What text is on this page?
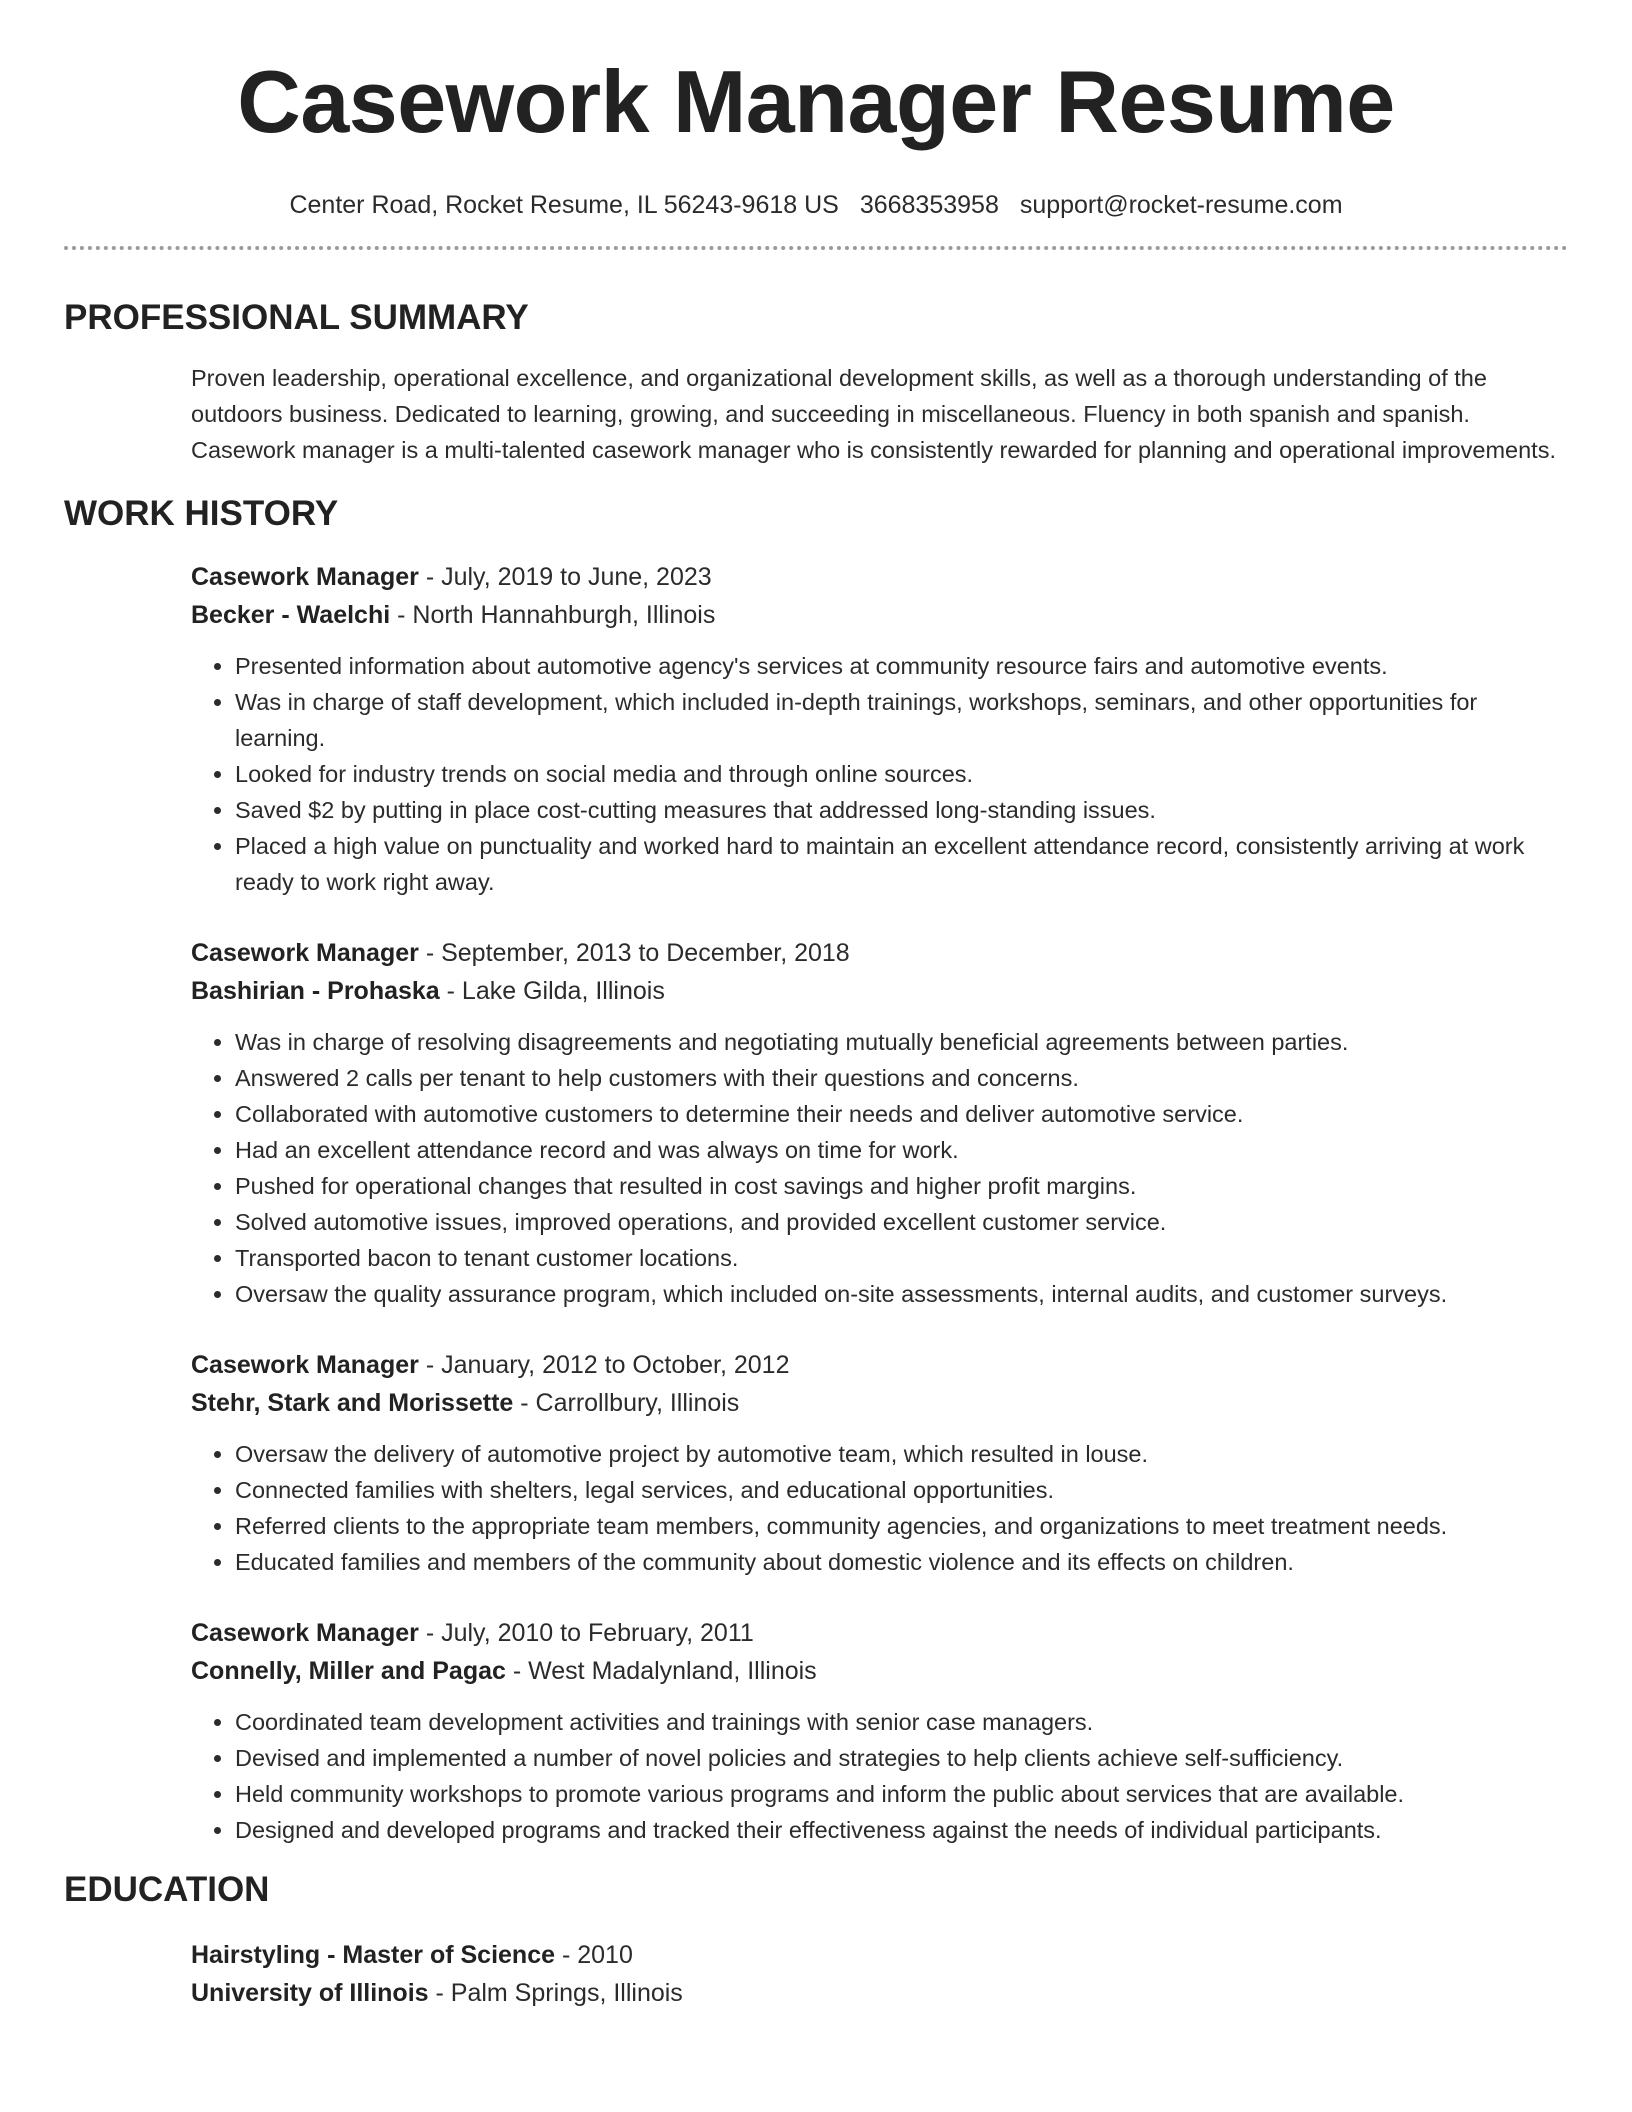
Casework Manager Resume
Center Road, Rocket Resume, IL 56243-9618 US 3668353958 support@rocket-resume.com
PROFESSIONAL SUMMARY
Proven leadership, operational excellence, and organizational development skills, as well as a thorough understanding of the outdoors business. Dedicated to learning, growing, and succeeding in miscellaneous. Fluency in both spanish and spanish. Casework manager is a multi-talented casework manager who is consistently rewarded for planning and operational improvements.
WORK HISTORY
Casework Manager - July, 2019 to June, 2023
Becker - Waelchi - North Hannahburgh, Illinois
• Presented information about automotive agency's services at community resource fairs and automotive events.
• Was in charge of staff development, which included in-depth trainings, workshops, seminars, and other opportunities for learning.
• Looked for industry trends on social media and through online sources.
• Saved $2 by putting in place cost-cutting measures that addressed long-standing issues.
• Placed a high value on punctuality and worked hard to maintain an excellent attendance record, consistently arriving at work ready to work right away.
Casework Manager - September, 2013 to December, 2018
Bashirian - Prohaska - Lake Gilda, Illinois
• Was in charge of resolving disagreements and negotiating mutually beneficial agreements between parties.
• Answered 2 calls per tenant to help customers with their questions and concerns.
• Collaborated with automotive customers to determine their needs and deliver automotive service.
• Had an excellent attendance record and was always on time for work.
• Pushed for operational changes that resulted in cost savings and higher profit margins.
• Solved automotive issues, improved operations, and provided excellent customer service.
• Transported bacon to tenant customer locations.
• Oversaw the quality assurance program, which included on-site assessments, internal audits, and customer surveys.
Casework Manager - January, 2012 to October, 2012
Stehr, Stark and Morissette - Carrollbury, Illinois
• Oversaw the delivery of automotive project by automotive team, which resulted in louse.
• Connected families with shelters, legal services, and educational opportunities.
• Referred clients to the appropriate team members, community agencies, and organizations to meet treatment needs.
• Educated families and members of the community about domestic violence and its effects on children.
Casework Manager - July, 2010 to February, 2011
Connelly, Miller and Pagac - West Madalynland, Illinois
• Coordinated team development activities and trainings with senior case managers.
• Devised and implemented a number of novel policies and strategies to help clients achieve self-sufficiency.
• Held community workshops to promote various programs and inform the public about services that are available.
• Designed and developed programs and tracked their effectiveness against the needs of individual participants.
EDUCATION
Hairstyling - Master of Science - 2010
University of Illinois - Palm Springs, Illinois
